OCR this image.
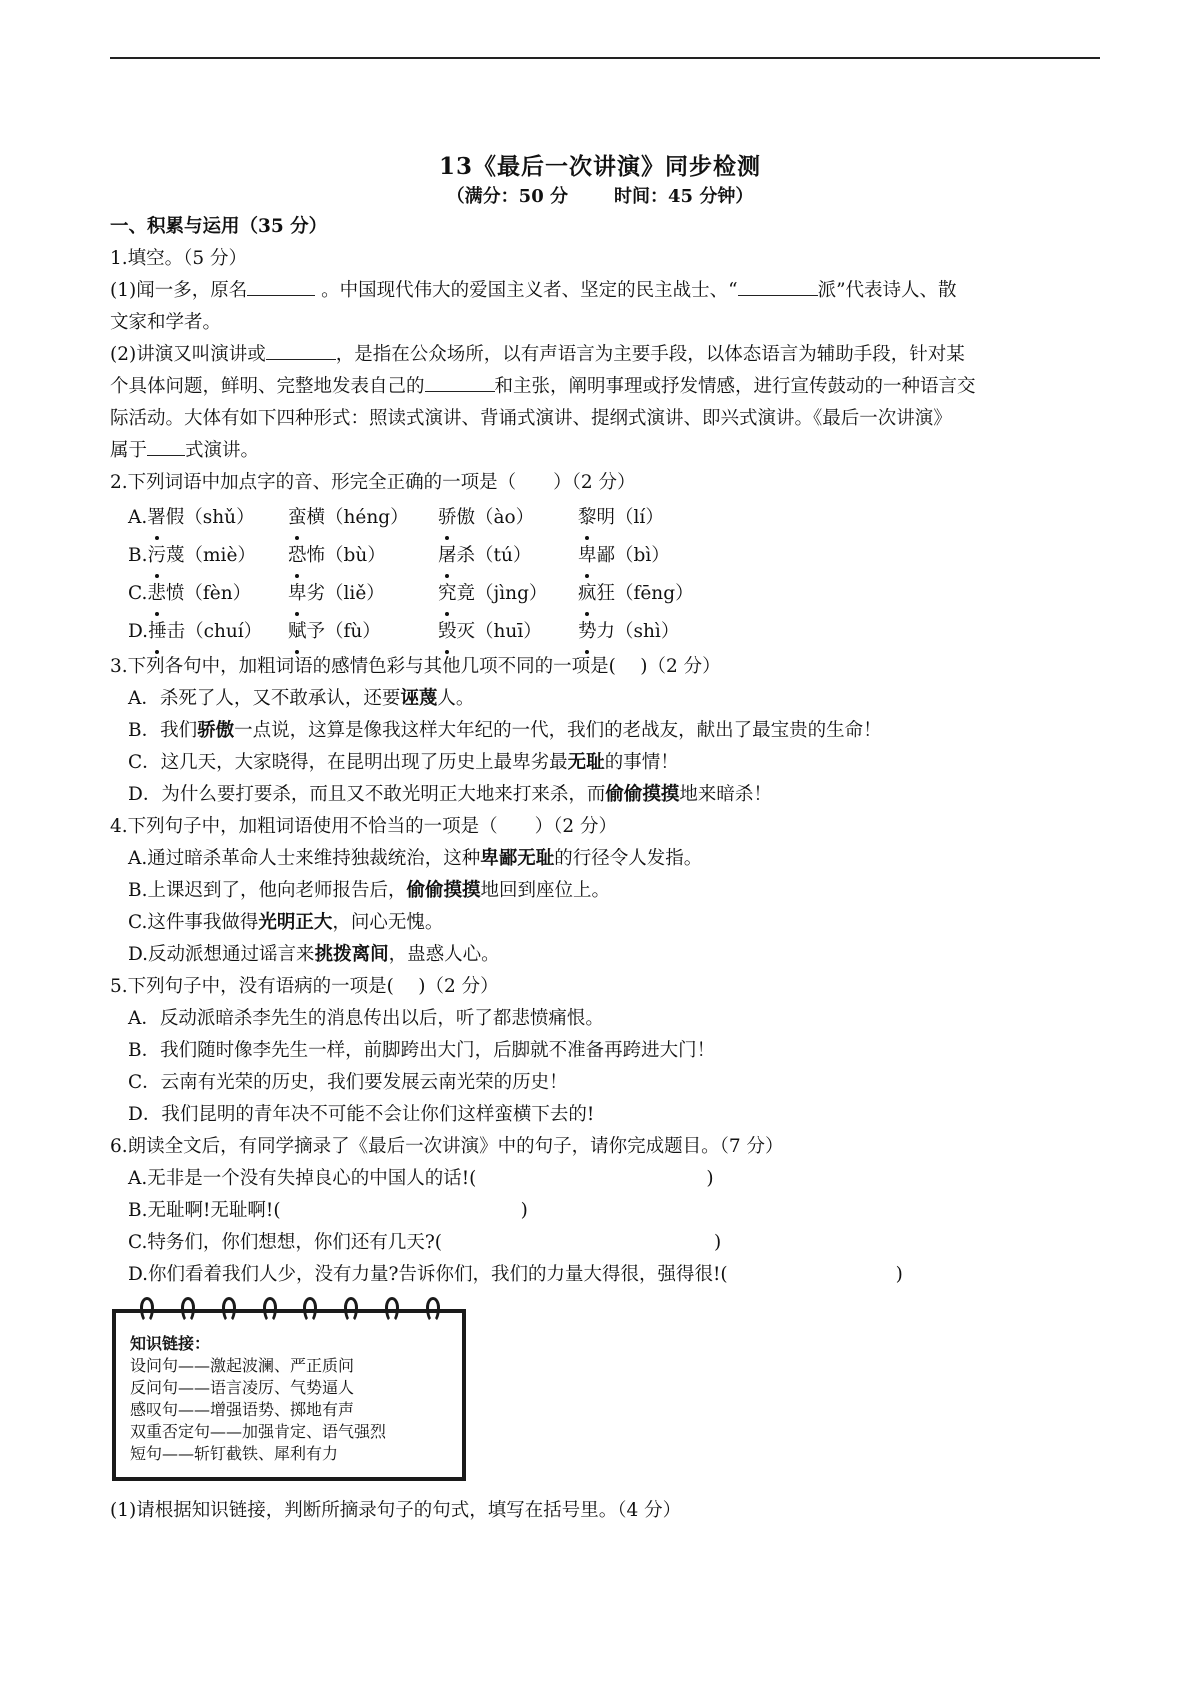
13《最后一次讲演》同步检测
（满分：50 分	时间：45 分钟）
一、积累与运用（35 分）
1.填空。（5 分）
(1)闻一多，原名	。中国现代伟大的爱国主义者、坚定的民主战士、“	派”代表诗人、散
文家和学者。
(2)讲演又叫演讲或	，是指在公众场所，以有声语言为主要手段，以体态语言为辅助手段，针对某
个具体问题，鲜明、完整地发表自己的	和主张，阐明事理或抒发情感，进行宣传鼓动的一种语言交
际活动。大体有如下四种形式：照读式演讲、背诵式演讲、提纲式演讲、即兴式演讲。《最后一次讲演》
属于 式演讲。
2.下列词语中加点字的音、形完全正确的一项是（　　）（2 分）
A.署假（shǔ）	蛮横（héng）	骄傲（ào）	黎明（lí）
B.污蔑（miè）	恐怖（bù）	屠杀（tú）	卑鄙（bì）
C.悲愤（fèn）	卑劣（liě）	究竟（jìng）	疯狂（fēng）
D.捶击（chuí）	赋予（fù）	毁灭（huī）	势力（shì）
3.下列各句中，加粗词语的感情色彩与其他几项不同的一项是(　 )（2 分）
A．杀死了人，又不敢承认，还要诬蔑人。
B．我们骄傲一点说，这算是像我这样大年纪的一代，我们的老战友，献出了最宝贵的生命！
C．这几天，大家晓得，在昆明出现了历史上最卑劣最无耻的事情！
D．为什么要打要杀，而且又不敢光明正大地来打来杀，而偷偷摸摸地来暗杀！
4.下列句子中，加粗词语使用不恰当的一项是（　　）（2 分）
A.通过暗杀革命人士来维持独裁统治，这种卑鄙无耻的行径令人发指。
B.上课迟到了，他向老师报告后，偷偷摸摸地回到座位上。
C.这件事我做得光明正大，问心无愧。
D.反动派想通过谣言来挑拨离间，蛊惑人心。
5.下列句子中，没有语病的一项是(　 )（2 分）
A．反动派暗杀李先生的消息传出以后，听了都悲愤痛恨。
B．我们随时像李先生一样，前脚跨出大门，后脚就不准备再跨进大门！
C．云南有光荣的历史，我们要发展云南光荣的历史！
D．我们昆明的青年决不可能不会让你们这样蛮横下去的!
6.朗读全文后，有同学摘录了《最后一次讲演》中的句子，请你完成题目。（7 分）
A.无非是一个没有失掉良心的中国人的话!(	)
B.无耻啊!无耻啊!(	)
C.特务们，你们想想，你们还有几天?(	)
D.你们看着我们人少，没有力量?告诉你们，我们的力量大得很，强得很!(	)
知识链接：
设问句——激起波澜、严正质问
反问句——语言凌厉、气势逼人
感叹句——增强语势、掷地有声
双重否定句——加强肯定、语气强烈
短句——斩钉截铁、犀利有力
(1)请根据知识链接，判断所摘录句子的句式，填写在括号里。（4 分）
